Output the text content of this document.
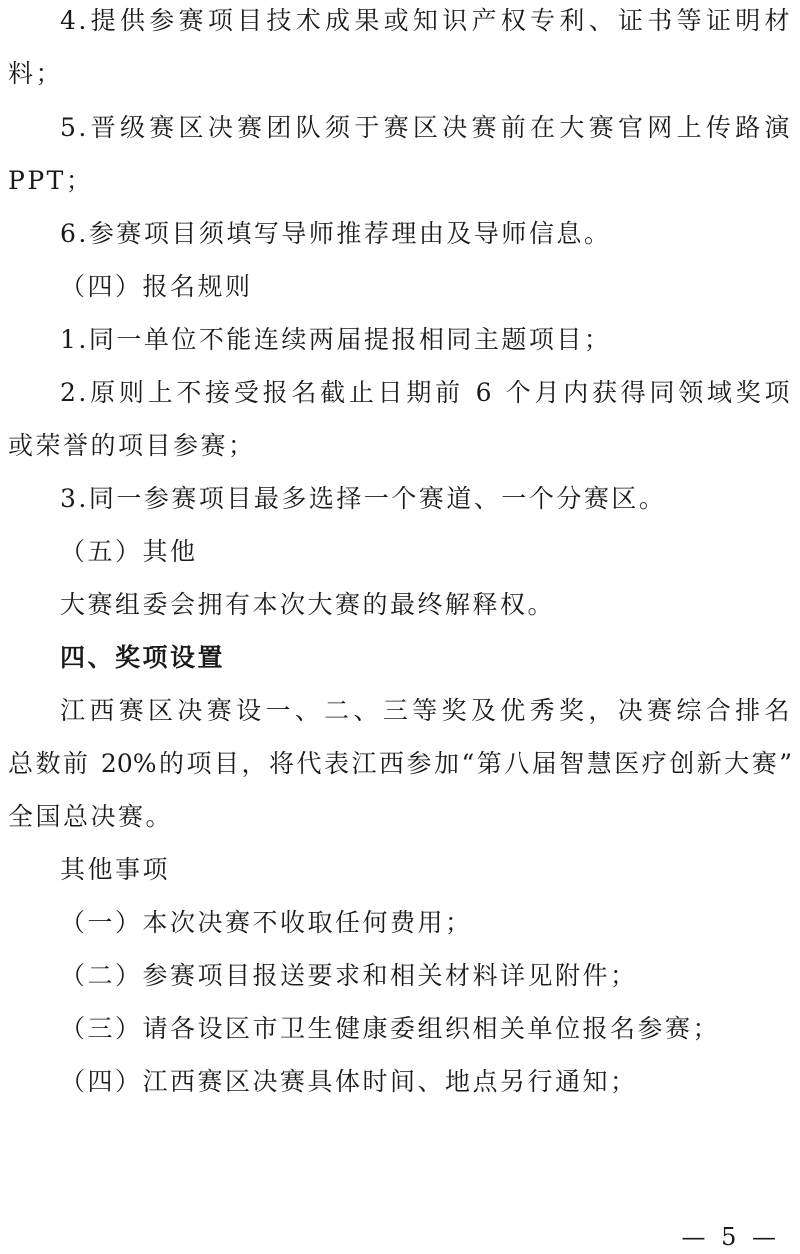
4.提供参赛项目技术成果或知识产权专利、证书等证明材
料；
5.晋级赛区决赛团队须于赛区决赛前在大赛官网上传路演
PPT；
6.参赛项目须填写导师推荐理由及导师信息。
（四）报名规则
1.同一单位不能连续两届提报相同主题项目；
2.原则上不接受报名截止日期前 6 个月内获得同领域奖项
或荣誉的项目参赛；
3.同一参赛项目最多选择一个赛道、一个分赛区。
（五）其他
大赛组委会拥有本次大赛的最终解释权。
四、奖项设置
江西赛区决赛设一、二、三等奖及优秀奖，决赛综合排名
总数前 20%的项目，将代表江西参加“第八届智慧医疗创新大赛”
全国总决赛。
其他事项
（一）本次决赛不收取任何费用；
（二）参赛项目报送要求和相关材料详见附件；
（三）请各设区市卫生健康委组织相关单位报名参赛；
（四）江西赛区决赛具体时间、地点另行通知；
— 5 —
